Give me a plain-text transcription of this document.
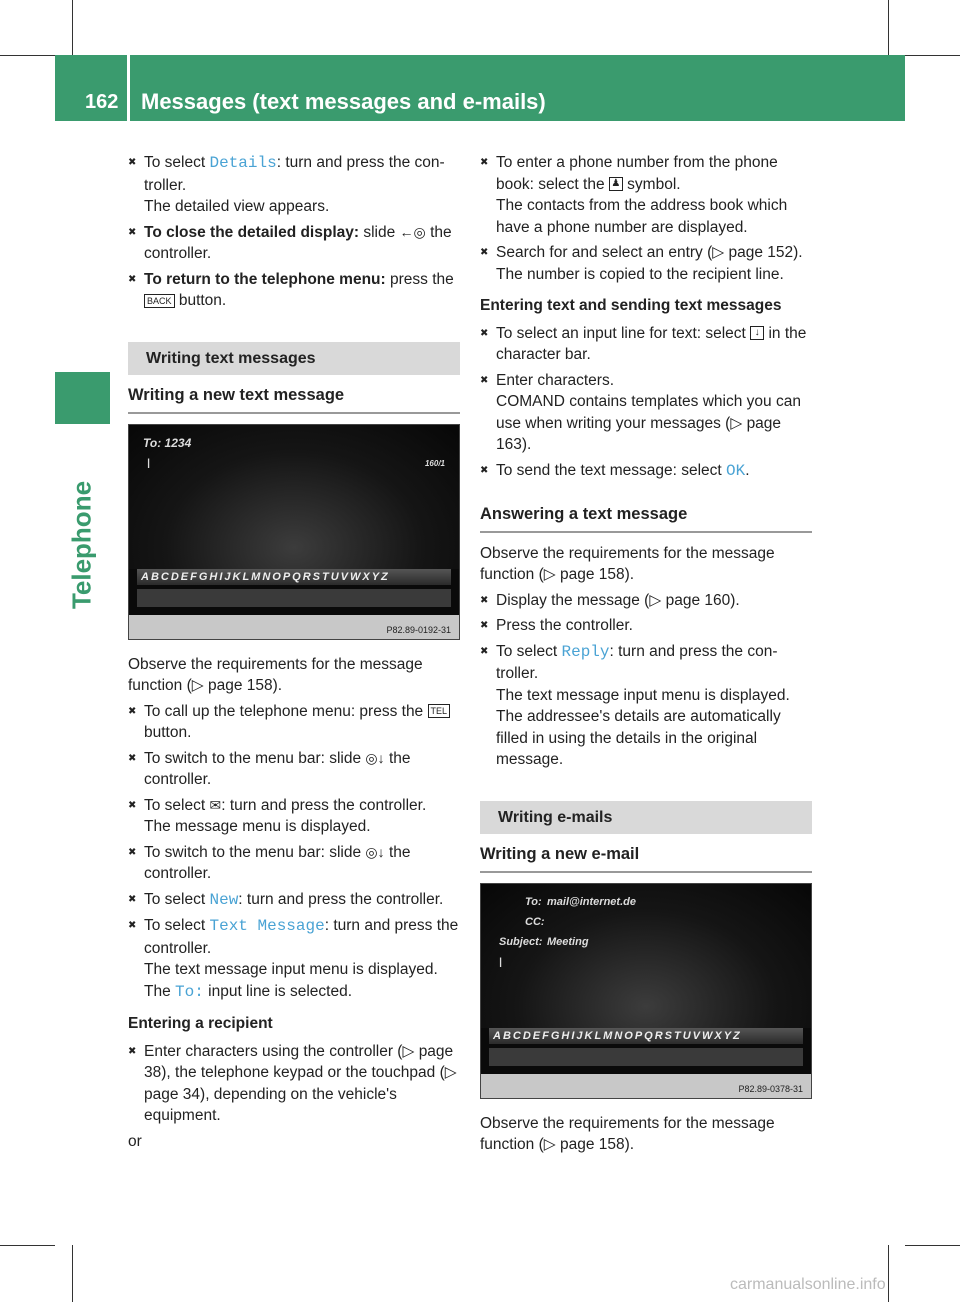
162 Messages (text messages and e-mails)
Telephone
✖ To select Details: turn and press the con-troller.
The detailed view appears.
✖ To close the detailed display: slide ←◎ the controller.
✖ To return to the telephone menu: press the BACK button.
Writing text messages
Writing a new text message
To: 1234
|	160/1
ABCDEFGHIJKLMNOPQRSTUVWXYZ
P82.89-0192-31

Observe the requirements for the message function (▷ page 158).

✖ To call up the telephone menu: press the TEL button.
✖ To switch to the menu bar: slide ◎↓ the controller.
✖ To select ✉: turn and press the controller.
The message menu is displayed.
✖ To switch to the menu bar: slide ◎↓ the controller.
✖ To select New: turn and press the controller.
✖ To select Text Message: turn and press the controller.
The text message input menu is displayed.
The To: input line is selected.
Entering a recipient
✖ Enter characters using the controller (▷ page 38), the telephone keypad or the touchpad (▷ page 34), depending on the vehicle's equipment.

or

✖ To enter a phone number from the phone book: select the ♟ symbol.
The contacts from the address book which have a phone number are displayed.
✖ Search for and select an entry (▷ page 152).
The number is copied to the recipient line.
Entering text and sending text messages
✖ To select an input line for text: select ↓ in the character bar.
✖ Enter characters.
COMAND contains templates which you can use when writing your messages (▷ page 163).
✖ To send the text message: select OK.
Answering a text message

Observe the requirements for the message function (▷ page 158).

✖ Display the message (▷ page 160).
✖ Press the controller.
✖ To select Reply: turn and press the con-troller.
The text message input menu is displayed. The addressee's details are automatically filled in using the details in the original message.
Writing e-mails
Writing a new e-mail
To: mail@internet.de
CC:
Subject: Meeting
|
ABCDEFGHIJKLMNOPQRSTUVWXYZ
P82.89-0378-31

Observe the requirements for the message function (▷ page 158).

carmanualsonline.info
